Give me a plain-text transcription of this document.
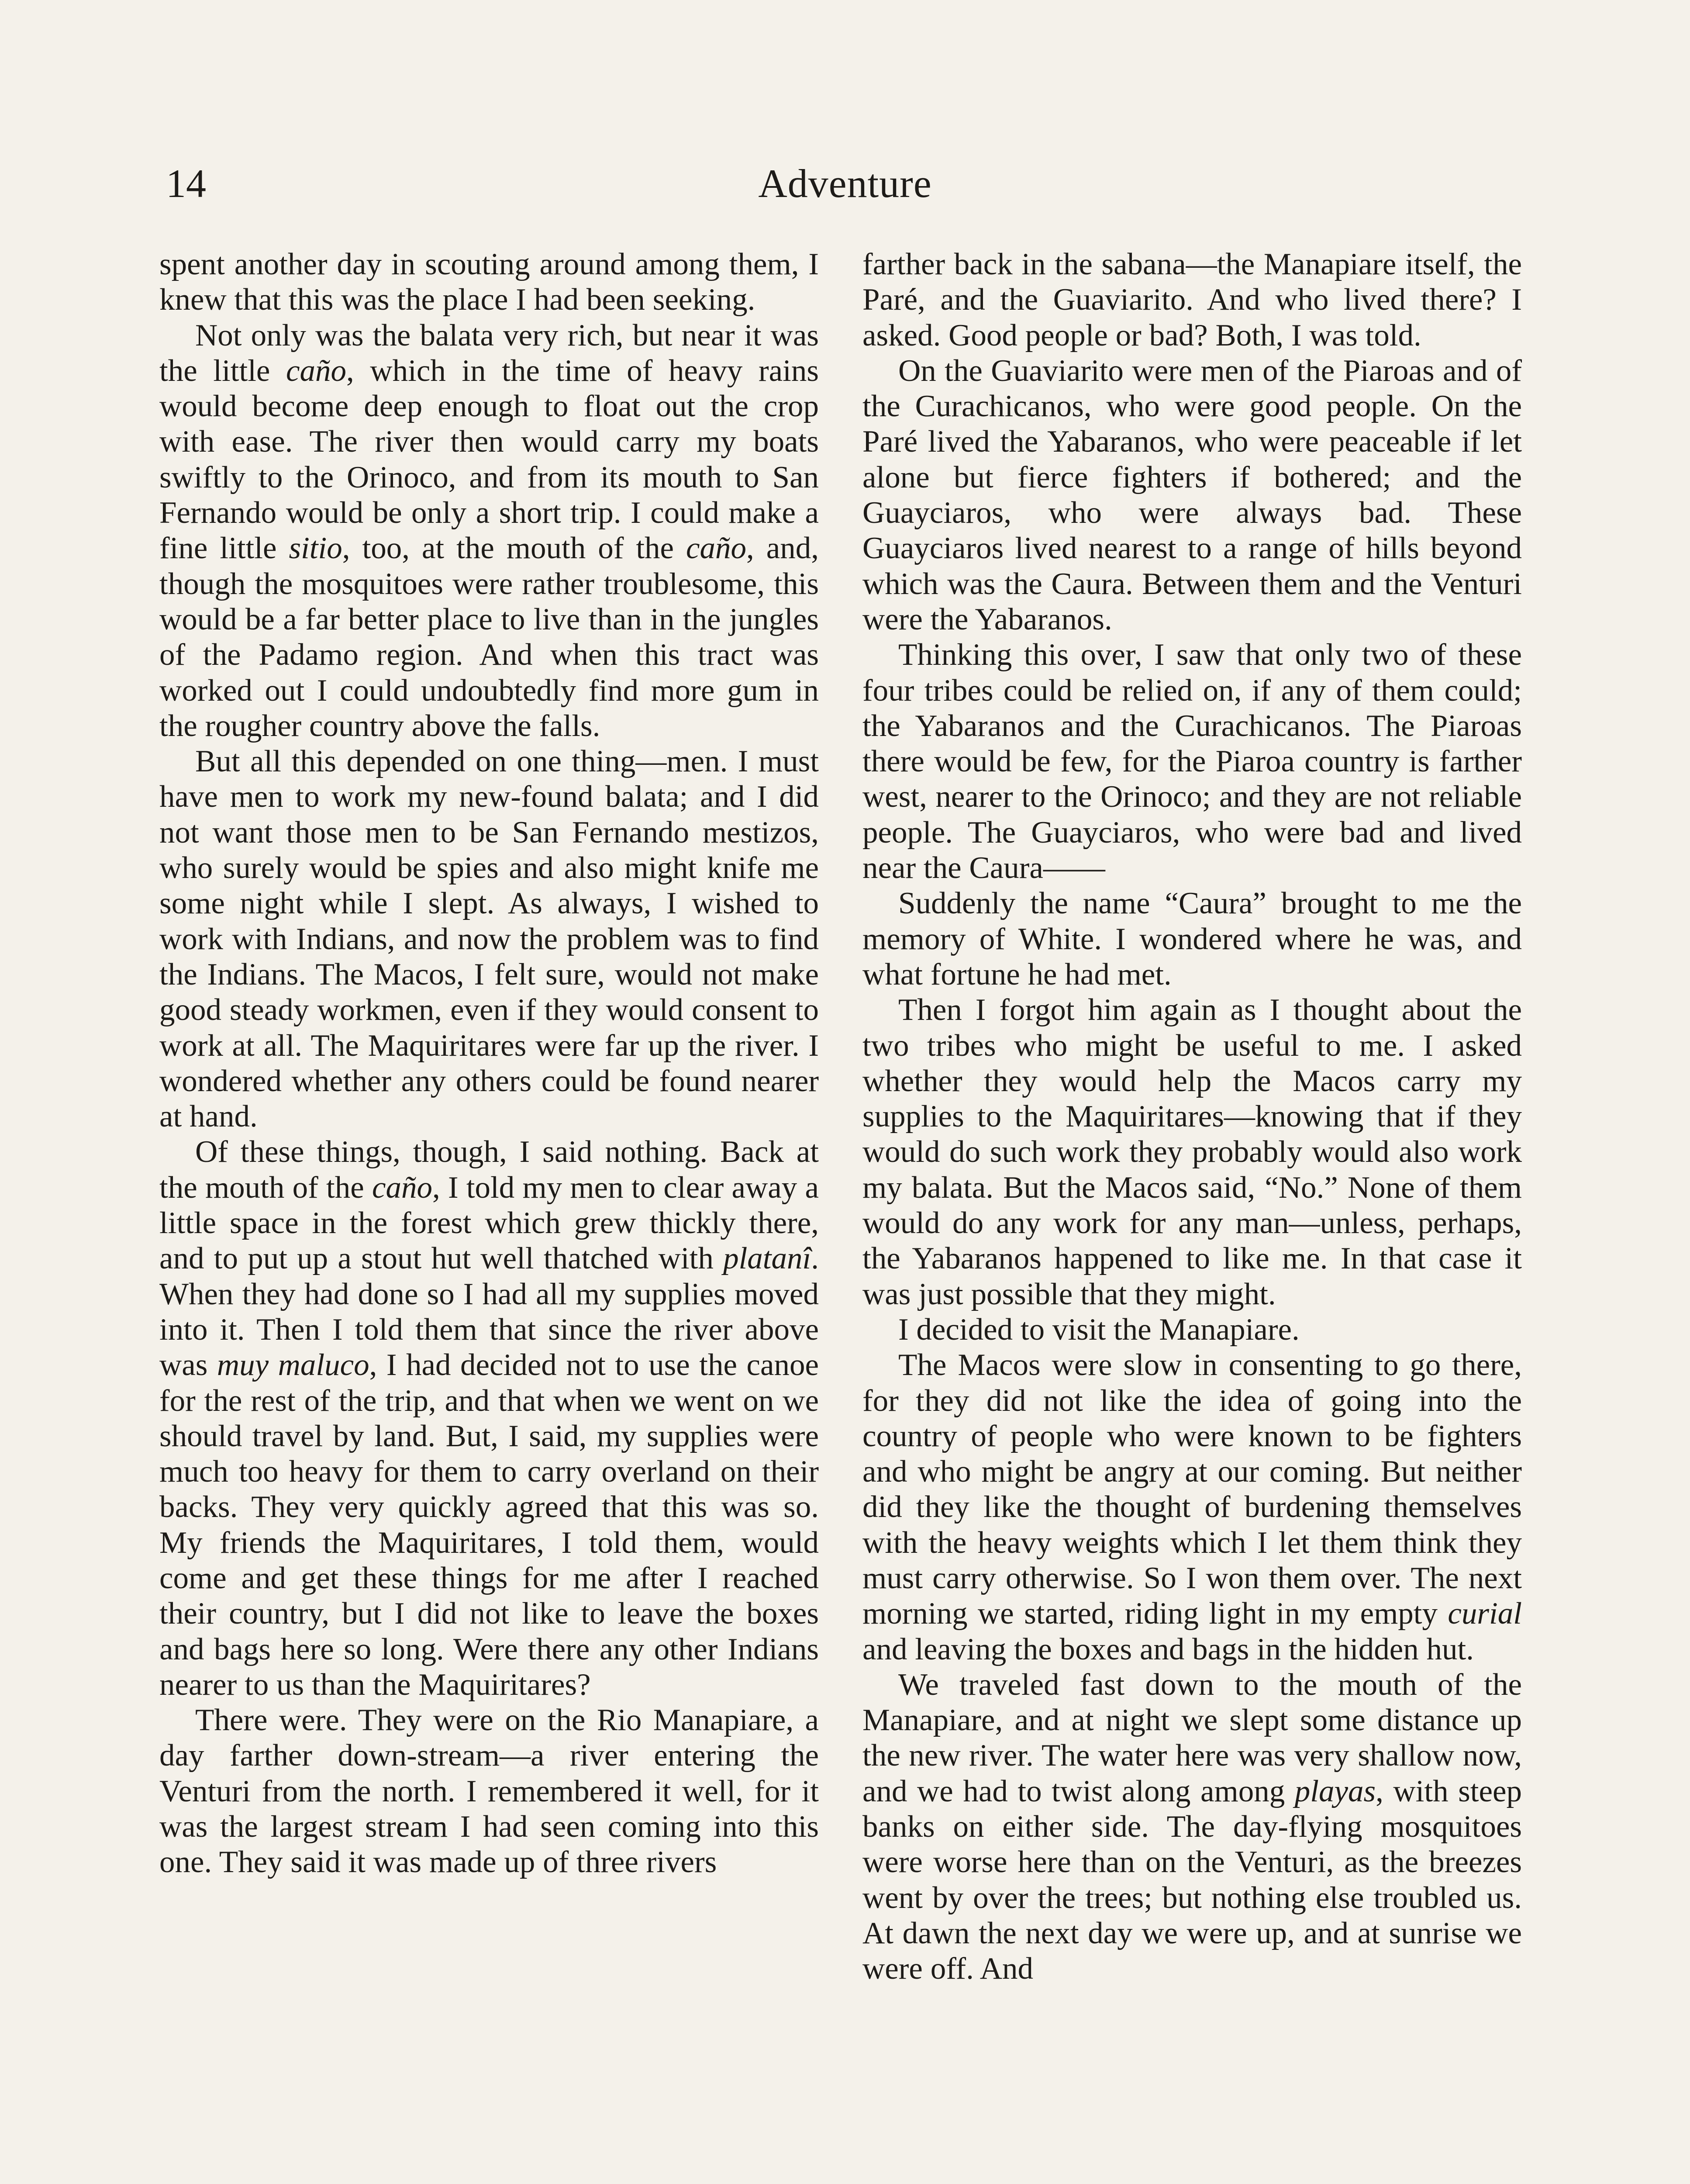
14	Adventure

spent another day in scouting around among them, I knew that this was the place I had been seeking.

Not only was the balata very rich, but near it was the little caño, which in the time of heavy rains would become deep enough to float out the crop with ease. The river then would carry my boats swiftly to the Orinoco, and from its mouth to San Fernando would be only a short trip. I could make a fine little sitio, too, at the mouth of the caño, and, though the mosquitoes were rather troublesome, this would be a far better place to live than in the jungles of the Padamo region. And when this tract was worked out I could undoubtedly find more gum in the rougher country above the falls.

But all this depended on one thing—men. I must have men to work my new-found balata; and I did not want those men to be San Fernando mestizos, who surely would be spies and also might knife me some night while I slept. As always, I wished to work with Indians, and now the problem was to find the Indians. The Macos, I felt sure, would not make good steady workmen, even if they would consent to work at all. The Maquiritares were far up the river. I wondered whether any others could be found nearer at hand.

Of these things, though, I said nothing. Back at the mouth of the caño, I told my men to clear away a little space in the forest which grew thickly there, and to put up a stout hut well thatched with platanî. When they had done so I had all my supplies moved into it. Then I told them that since the river above was muy maluco, I had decided not to use the canoe for the rest of the trip, and that when we went on we should travel by land. But, I said, my supplies were much too heavy for them to carry overland on their backs. They very quickly agreed that this was so. My friends the Maquiritares, I told them, would come and get these things for me after I reached their country, but I did not like to leave the boxes and bags here so long. Were there any other Indians nearer to us than the Maquiritares?

There were. They were on the Rio Manapiare, a day farther down-stream—a river entering the Venturi from the north. I remembered it well, for it was the largest stream I had seen coming into this one. They said it was made up of three rivers

farther back in the sabana—the Manapiare itself, the Paré, and the Guaviarito. And who lived there? I asked. Good people or bad? Both, I was told.

On the Guaviarito were men of the Piaroas and of the Curachicanos, who were good people. On the Paré lived the Yabaranos, who were peaceable if let alone but fierce fighters if bothered; and the Guayciaros, who were always bad. These Guayciaros lived nearest to a range of hills beyond which was the Caura. Between them and the Venturi were the Yabaranos.

Thinking this over, I saw that only two of these four tribes could be relied on, if any of them could; the Yabaranos and the Curachicanos. The Piaroas there would be few, for the Piaroa country is farther west, nearer to the Orinoco; and they are not reliable people. The Guayciaros, who were bad and lived near the Caura——

Suddenly the name “Caura” brought to me the memory of White. I wondered where he was, and what fortune he had met.

Then I forgot him again as I thought about the two tribes who might be useful to me. I asked whether they would help the Macos carry my supplies to the Maquiritares—knowing that if they would do such work they probably would also work my balata. But the Macos said, “No.” None of them would do any work for any man—unless, perhaps, the Yabaranos happened to like me. In that case it was just possible that they might.

I decided to visit the Manapiare.

The Macos were slow in consenting to go there, for they did not like the idea of going into the country of people who were known to be fighters and who might be angry at our coming. But neither did they like the thought of burdening themselves with the heavy weights which I let them think they must carry otherwise. So I won them over. The next morning we started, riding light in my empty curial and leaving the boxes and bags in the hidden hut.

We traveled fast down to the mouth of the Manapiare, and at night we slept some distance up the new river. The water here was very shallow now, and we had to twist along among playas, with steep banks on either side. The day-flying mosquitoes were worse here than on the Venturi, as the breezes went by over the trees; but nothing else troubled us. At dawn the next day we were up, and at sunrise we were off. And
